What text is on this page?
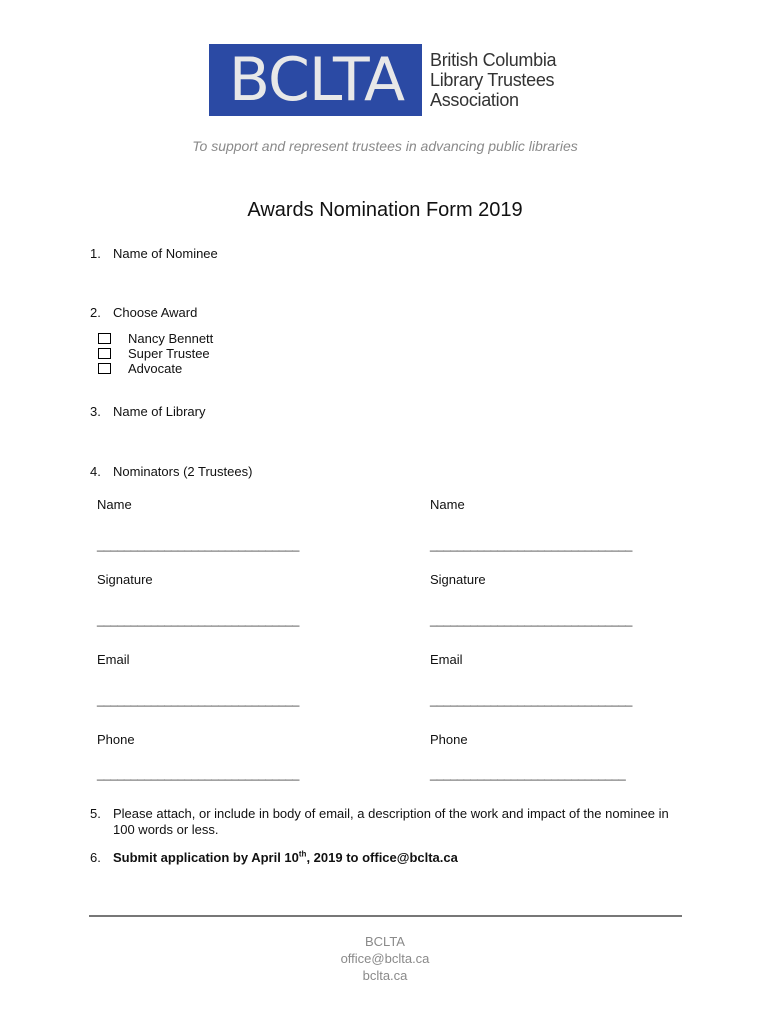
BCLTA	British Columbia
Library Trustees
Association
To support and represent trustees in advancing public libraries
Awards Nomination Form 2019
1. Name of Nominee
2. Choose Award
Nancy Bennett
Super Trustee
Advocate
3. Name of Library
4. Nominators (2 Trustees)
Name
______________________________
Signature
______________________________
Email
______________________________
Phone
______________________________
Name
______________________________
Signature
______________________________
Email
______________________________
Phone
_____________________________
5. Please attach, or include in body of email, a description of the work and impact of the nominee in 100 words or less.
6. Submit application by April 10th, 2019 to office@bclta.ca
BCLTA
office@bclta.ca
bclta.ca
